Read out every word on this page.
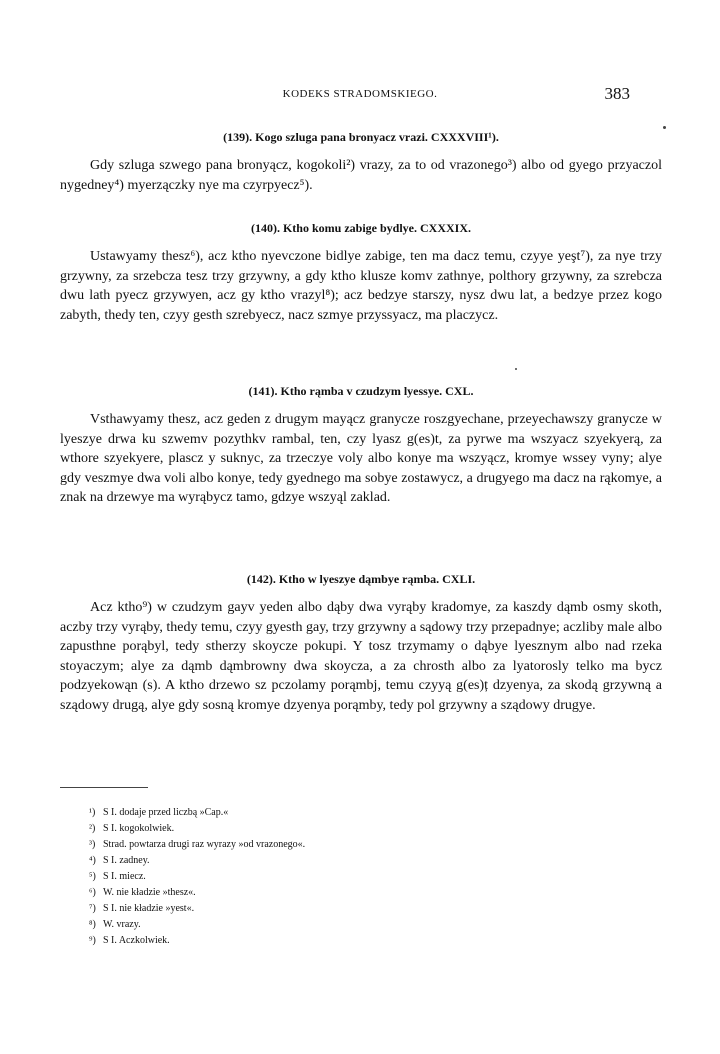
KODEKS STRADOMSKIEGO.	383
(139). Kogo szluga pana bronyacz vrazi. CXXXVIII¹).

Gdy szluga szwego pana bronyącz, kogokoli²) vrazy, za to od vrazonego³) albo od gyego przyaczol nygedney⁴) myerzączky nye ma czyrpyecz⁵).

(140). Ktho komu zabige bydlye. CXXXIX.

Ustawyamy thesz⁶), acz ktho nyevczone bidlye zabige, ten ma dacz temu, czyye yeşt⁷), za nye trzy grzywny, za srzebcza tesz trzy grzywny, a gdy ktho klusze komv zathnye, polthory grzywny, za szrebcza dwu lath pyecz grzywyen, acz gy ktho vrazyl⁸); acz bedzye starszy, nysz dwu lat, a bedzye przez kogo zabyth, thedy ten, czyy gesth szrebyecz, nacz szmye przyssyacz, ma placzycz.

(141). Ktho rąmba v czudzym lyessye. CXL.

Vsthawyamy thesz, acz geden z drugym mayącz granycze roszgyechane, przeyechawszy granycze w lyeszye drwa ku szwemv pozythkv rambal, ten, czy lyasz g(es)t, za pyrwe ma wszyacz szyekyerą, za wthore szyekyere, plascz y suknyc, za trzeczye voly albo konye ma wszyącz, kromye wssey vyny; alye gdy veszmye dwa voli albo konye, tedy gyednego ma sobye zostawycz, a drugyego ma dacz na rąkomye, a znak na drzewye ma wyrąbycz tamo, gdzye wszyąl zaklad.

(142). Ktho w lyeszye dąmbye rąmba. CXLI.

Acz ktho⁹) w czudzym gayv yeden albo dąby dwa vyrąby kradomye, za kaszdy dąmb osmy skoth, aczby trzy vyrąby, thedy temu, czyy gyesth gay, trzy grzywny a sądowy trzy przepadnye; aczliby male albo zapusthne porąbyl, tedy stherzy skoycze pokupi. Y tosz trzymamy o dąbye lyesznym albo nad rzeka stoyaczym; alye za dąmb dąmbrowny dwa skoycza, a za chrosth albo za lyatorosly telko ma bycz podzyekowąn (s). A ktho drzewo sz pczolamy porąmbj, temu czyyą g(es)ț dzyenya, za skodą grzywną a sządowy drugą, alye gdy sosną kromye dzyenya porąmby, tedy pol grzywny a sządowy drugye.

¹) S I. dodaje przed liczbą »Cap.«

²) S I. kogokolwiek.

³) Strad. powtarza drugi raz wyrazy »od vrazonego«.

⁴) S I. zadney.

⁵) S I. miecz.

⁶) W. nie kładzie »thesz«.

⁷) S I. nie kładzie »yest«.

⁸) W. vrazy.

⁹) S I. Aczkolwiek.
